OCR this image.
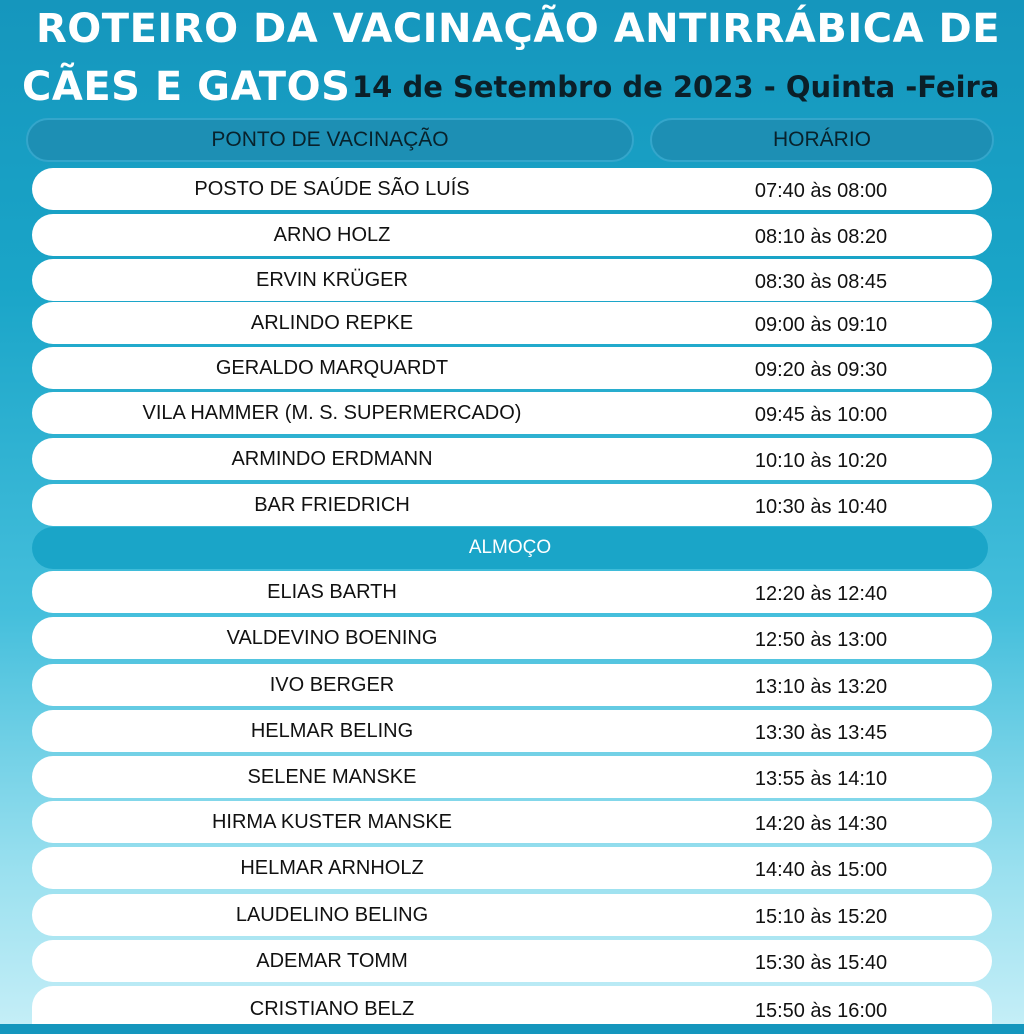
ROTEIRO DA VACINAÇÃO ANTIRRÁBICA DE
CÃES E GATOS 14 de Setembro de 2023 - Quinta -Feira
PONTO DE VACINAÇÃO	HORÁRIO
POSTO DE SAÚDE SÃO LUÍS	07:40 às 08:00
ARNO HOLZ	08:10 às 08:20
ERVIN KRÜGER	08:30 às 08:45
ARLINDO REPKE	09:00 às 09:10
GERALDO MARQUARDT	09:20 às 09:30
VILA HAMMER (M. S. SUPERMERCADO)	09:45 às 10:00
ARMINDO ERDMANN	10:10 às 10:20
BAR FRIEDRICH	10:30 às 10:40
ALMOÇO
ELIAS BARTH	12:20 às 12:40
VALDEVINO BOENING	12:50 às 13:00
IVO BERGER	13:10 às 13:20
HELMAR BELING	13:30 às 13:45
SELENE MANSKE	13:55 às 14:10
HIRMA KUSTER MANSKE	14:20 às 14:30
HELMAR ARNHOLZ	14:40 às 15:00
LAUDELINO BELING	15:10 às 15:20
ADEMAR TOMM	15:30 às 15:40
CRISTIANO BELZ	15:50 às 16:00
